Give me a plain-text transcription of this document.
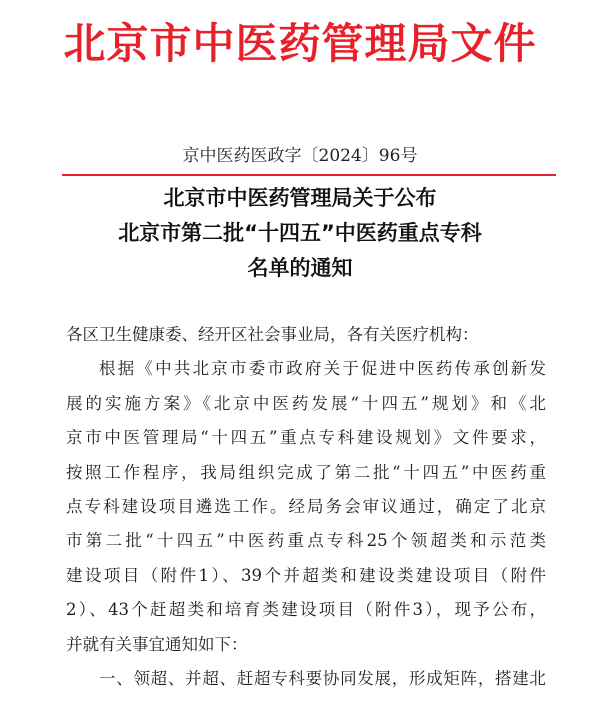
北京市中医药管理局文件
京中医药医政字〔2024〕96号
北京市中医药管理局关于公布
北京市第二批“十四五”中医药重点专科
名单的通知
各区卫生健康委、经开区社会事业局，各有关医疗机构：
根据《中共北京市委市政府关于促进中医药传承创新发
展的实施方案》《北京中医药发展“十四五”规划》和《北
京市中医管理局“十四五”重点专科建设规划》文件要求，
按照工作程序，我局组织完成了第二批“十四五”中医药重
点专科建设项目遴选工作。经局务会审议通过，确定了北京
市第二批“十四五”中医药重点专科25个领超类和示范类
建设项目（附件1）、39个并超类和建设类建设项目（附件
2）、43个赶超类和培育类建设项目（附件3），现予公布，
并就有关事宜通知如下：
一、领超、并超、赶超专科要协同发展，形成矩阵，搭建北
